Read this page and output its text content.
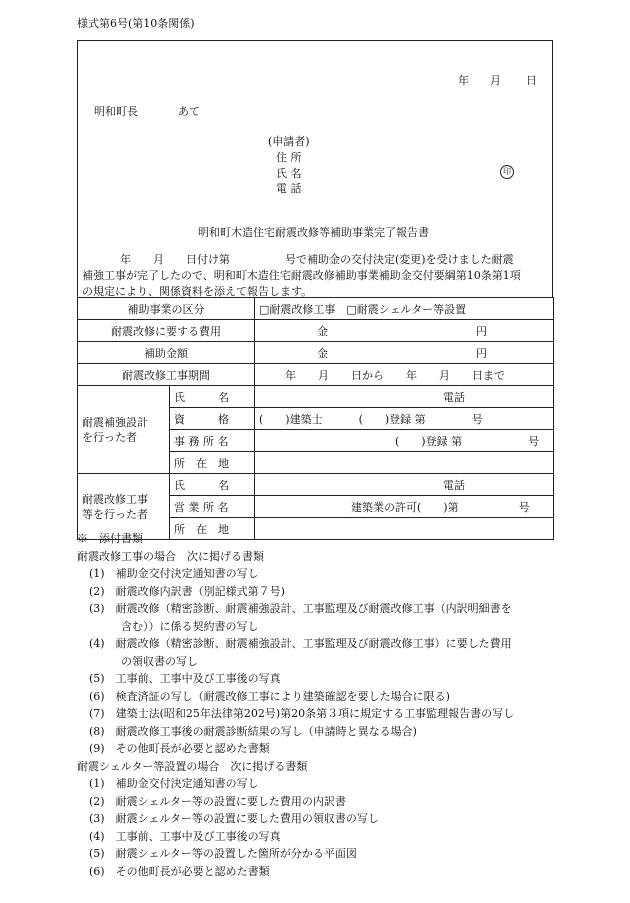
様式第6号(第10条関係)
年 月 日
明和町長	あて
(申請者)
住 所
氏 名	印
電 話
明和町木造住宅耐震改修等補助事業完了報告書
年　　月　　日付け第　　　　　号で補助金の交付決定(変更)を受けました耐震
補強工事が完了したので、明和町木造住宅耐震改修補助事業補助金交付要綱第10条第1項
の規定により、関係資料を添えて報告します。
補助事業の区分		□耐震改修工事　□耐震シェルター等設置
耐震改修に要する費用		金 円
補助金額		金 円
耐震改修工事期間		年　　月　　日から　　年　　月　　日まで

耐震補強設計
を行った者	氏　　　名	電話
	資　　　格	(　　)建築士 (　　)登録 第 号
	事 務 所 名	(　　)登録 第 号
	所　在　地	

耐震改修工事
等を行った者	氏　　　名	電話
	営 業 所 名	建築業の許可(　　)第 号
	所　在　地	
※　添付書類
耐震改修工事の場合　次に掲げる書類
(1)　補助金交付決定通知書の写し
(2)　耐震改修内訳書（別記様式第７号)
(3)　耐震改修（精密診断、耐震補強設計、工事監理及び耐震改修工事（内訳明細書を
含む））に係る契約書の写し
(4)　耐震改修（精密診断、耐震補強設計、工事監理及び耐震改修工事）に要した費用
の領収書の写し
(5)　工事前、工事中及び工事後の写真
(6)　検査済証の写し（耐震改修工事により建築確認を要した場合に限る)
(7)　建築士法(昭和25年法律第202号)第20条第３項に規定する工事監理報告書の写し
(8)　耐震改修工事後の耐震診断結果の写し（申請時と異なる場合)
(9)　その他町長が必要と認めた書類
耐震シェルター等設置の場合　次に掲げる書類
(1)　補助金交付決定通知書の写し
(2)　耐震シェルター等の設置に要した費用の内訳書
(3)　耐震シェルター等の設置に要した費用の領収書の写し
(4)　工事前、工事中及び工事後の写真
(5)　耐震シェルター等の設置した箇所が分かる平面図
(6)　その他町長が必要と認めた書類
